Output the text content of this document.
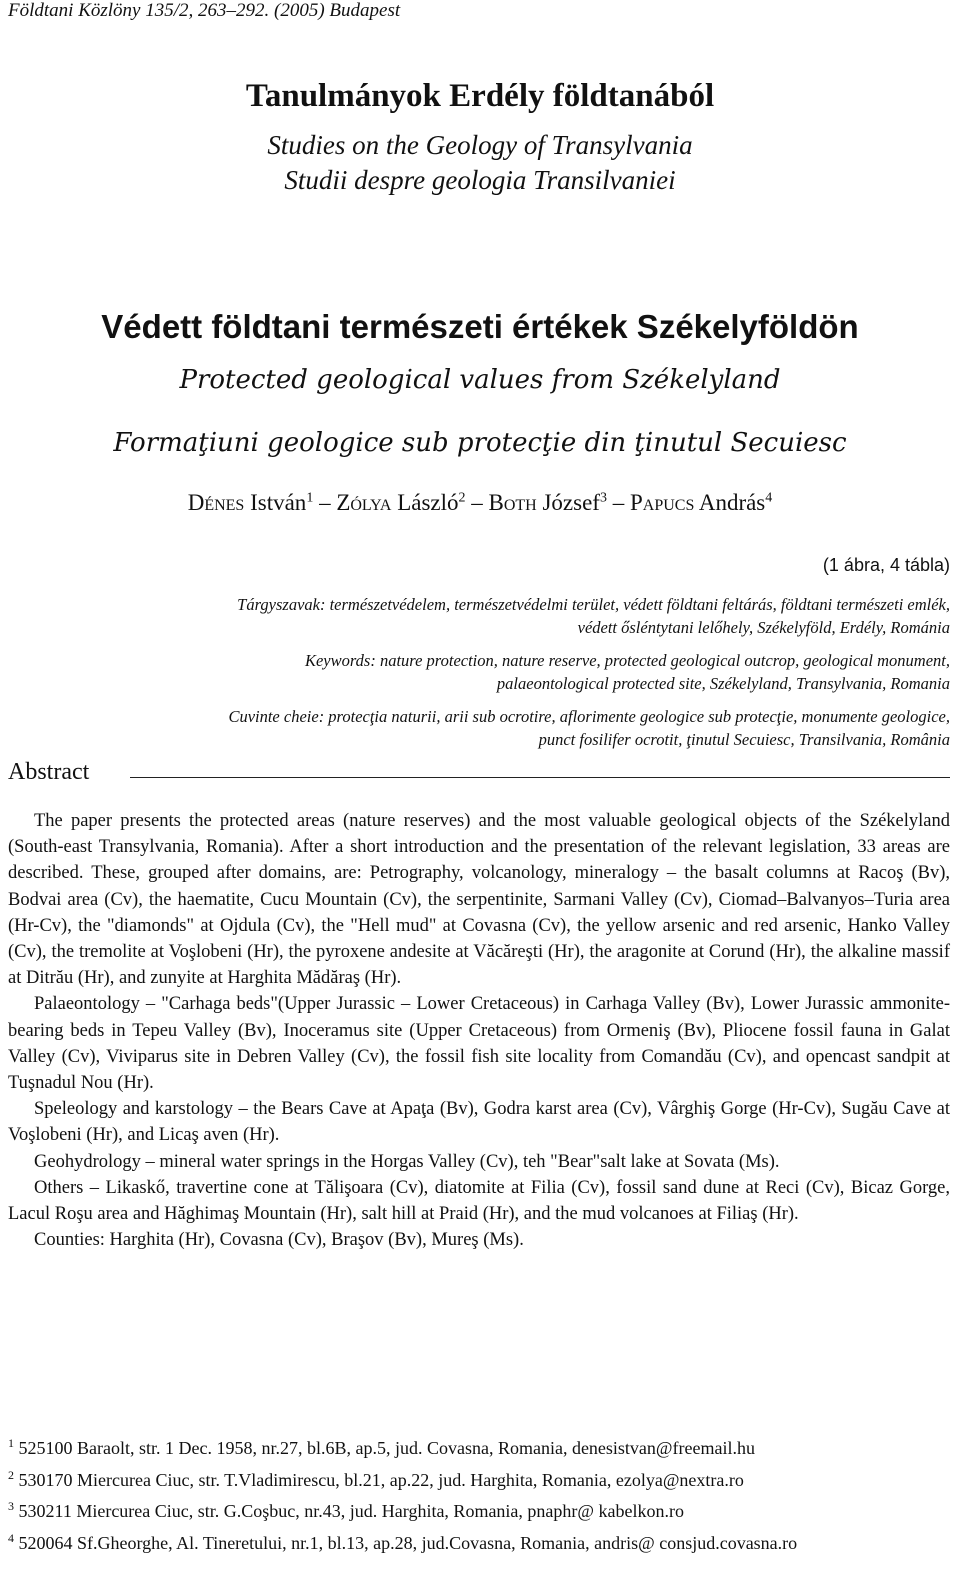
Földtani Közlöny 135/2, 263–292. (2005) Budapest
Tanulmányok Erdély földtanából
Studies on the Geology of Transylvania
Studii despre geologia Transilvaniei
Védett földtani természeti értékek Székelyföldön
Protected geological values from Székelyland
Formaţiuni geologice sub protecţie din ţinutul Secuiesc
Dénes István$^1$ – Zólya László$^2$ – Both József$^3$ – Papucs András$^4$
(1 ábra, 4 tábla)
Tárgyszavak: természetvédelem, természetvédelmi terület, védett földtani feltárás, földtani természeti emlék,
védett ősléntytani lelőhely, Székelyföld, Erdély, Románia
Keywords: nature protection, nature reserve, protected geological outcrop, geological monument,
palaeontological protected site, Székelyland, Transylvania, Romania
Cuvinte cheie: protecţia naturii, arii sub ocrotire, aflorimente geologice sub protecţie, monumente geologice,
punct fosilifer ocrotit, ţinutul Secuiesc, Transilvania, România
Abstract

The paper presents the protected areas (nature reserves) and the most valuable geological objects of the Székelyland (South-east Transylvania, Romania). After a short introduction and the presentation of the relevant legislation, 33 areas are described. These, grouped after domains, are: Petrography, volcanology, mineralogy – the basalt columns at Racoş (Bv), Bodvai area (Cv), the haematite, Cucu Mountain (Cv), the serpentinite, Sarmani Valley (Cv), Ciomad–Balvanyos–Turia area (Hr-Cv), the "diamonds" at Ojdula (Cv), the "Hell mud" at Covasna (Cv), the yellow arsenic and red arsenic, Hanko Valley (Cv), the tremolite at Voşlobeni (Hr), the pyroxene andesite at Văcăreşti (Hr), the aragonite at Corund (Hr), the alkaline massif at Ditrău (Hr), and zunyite at Harghita Mădăraş (Hr).

Palaeontology – "Carhaga beds"(Upper Jurassic – Lower Cretaceous) in Carhaga Valley (Bv), Lower Jurassic ammonite-bearing beds in Tepeu Valley (Bv), Inoceramus site (Upper Cretaceous) from Ormeniş (Bv), Pliocene fossil fauna in Galat Valley (Cv), Viviparus site in Debren Valley (Cv), the fossil fish site locality from Comandău (Cv), and opencast sandpit at Tuşnadul Nou (Hr).

Speleology and karstology – the Bears Cave at Apaţa (Bv), Godra karst area (Cv), Vârghiş Gorge (Hr-Cv), Sugău Cave at Voşlobeni (Hr), and Licaş aven (Hr).

Geohydrology – mineral water springs in the Horgas Valley (Cv), teh "Bear"salt lake at Sovata (Ms).

Others – Likaskő, travertine cone at Tălişoara (Cv), diatomite at Filia (Cv), fossil sand dune at Reci (Cv), Bicaz Gorge, Lacul Roşu area and Hăghimaş Mountain (Hr), salt hill at Praid (Hr), and the mud volcanoes at Filiaş (Hr).

Counties: Harghita (Hr), Covasna (Cv), Braşov (Bv), Mureş (Ms).

$^1$ 525100 Baraolt, str. 1 Dec. 1958, nr.27, bl.6B, ap.5, jud. Covasna, Romania, denesistvan@freemail.hu
$^2$ 530170 Miercurea Ciuc, str. T.Vladimirescu, bl.21, ap.22, jud. Harghita, Romania, ezolya@nextra.ro
$^3$ 530211 Miercurea Ciuc, str. G.Coşbuc, nr.43, jud. Harghita, Romania, pnaphr@ kabelkon.ro
$^4$ 520064 Sf.Gheorghe, Al. Tineretului, nr.1, bl.13, ap.28, jud.Covasna, Romania, andris@ consjud.covasna.ro
